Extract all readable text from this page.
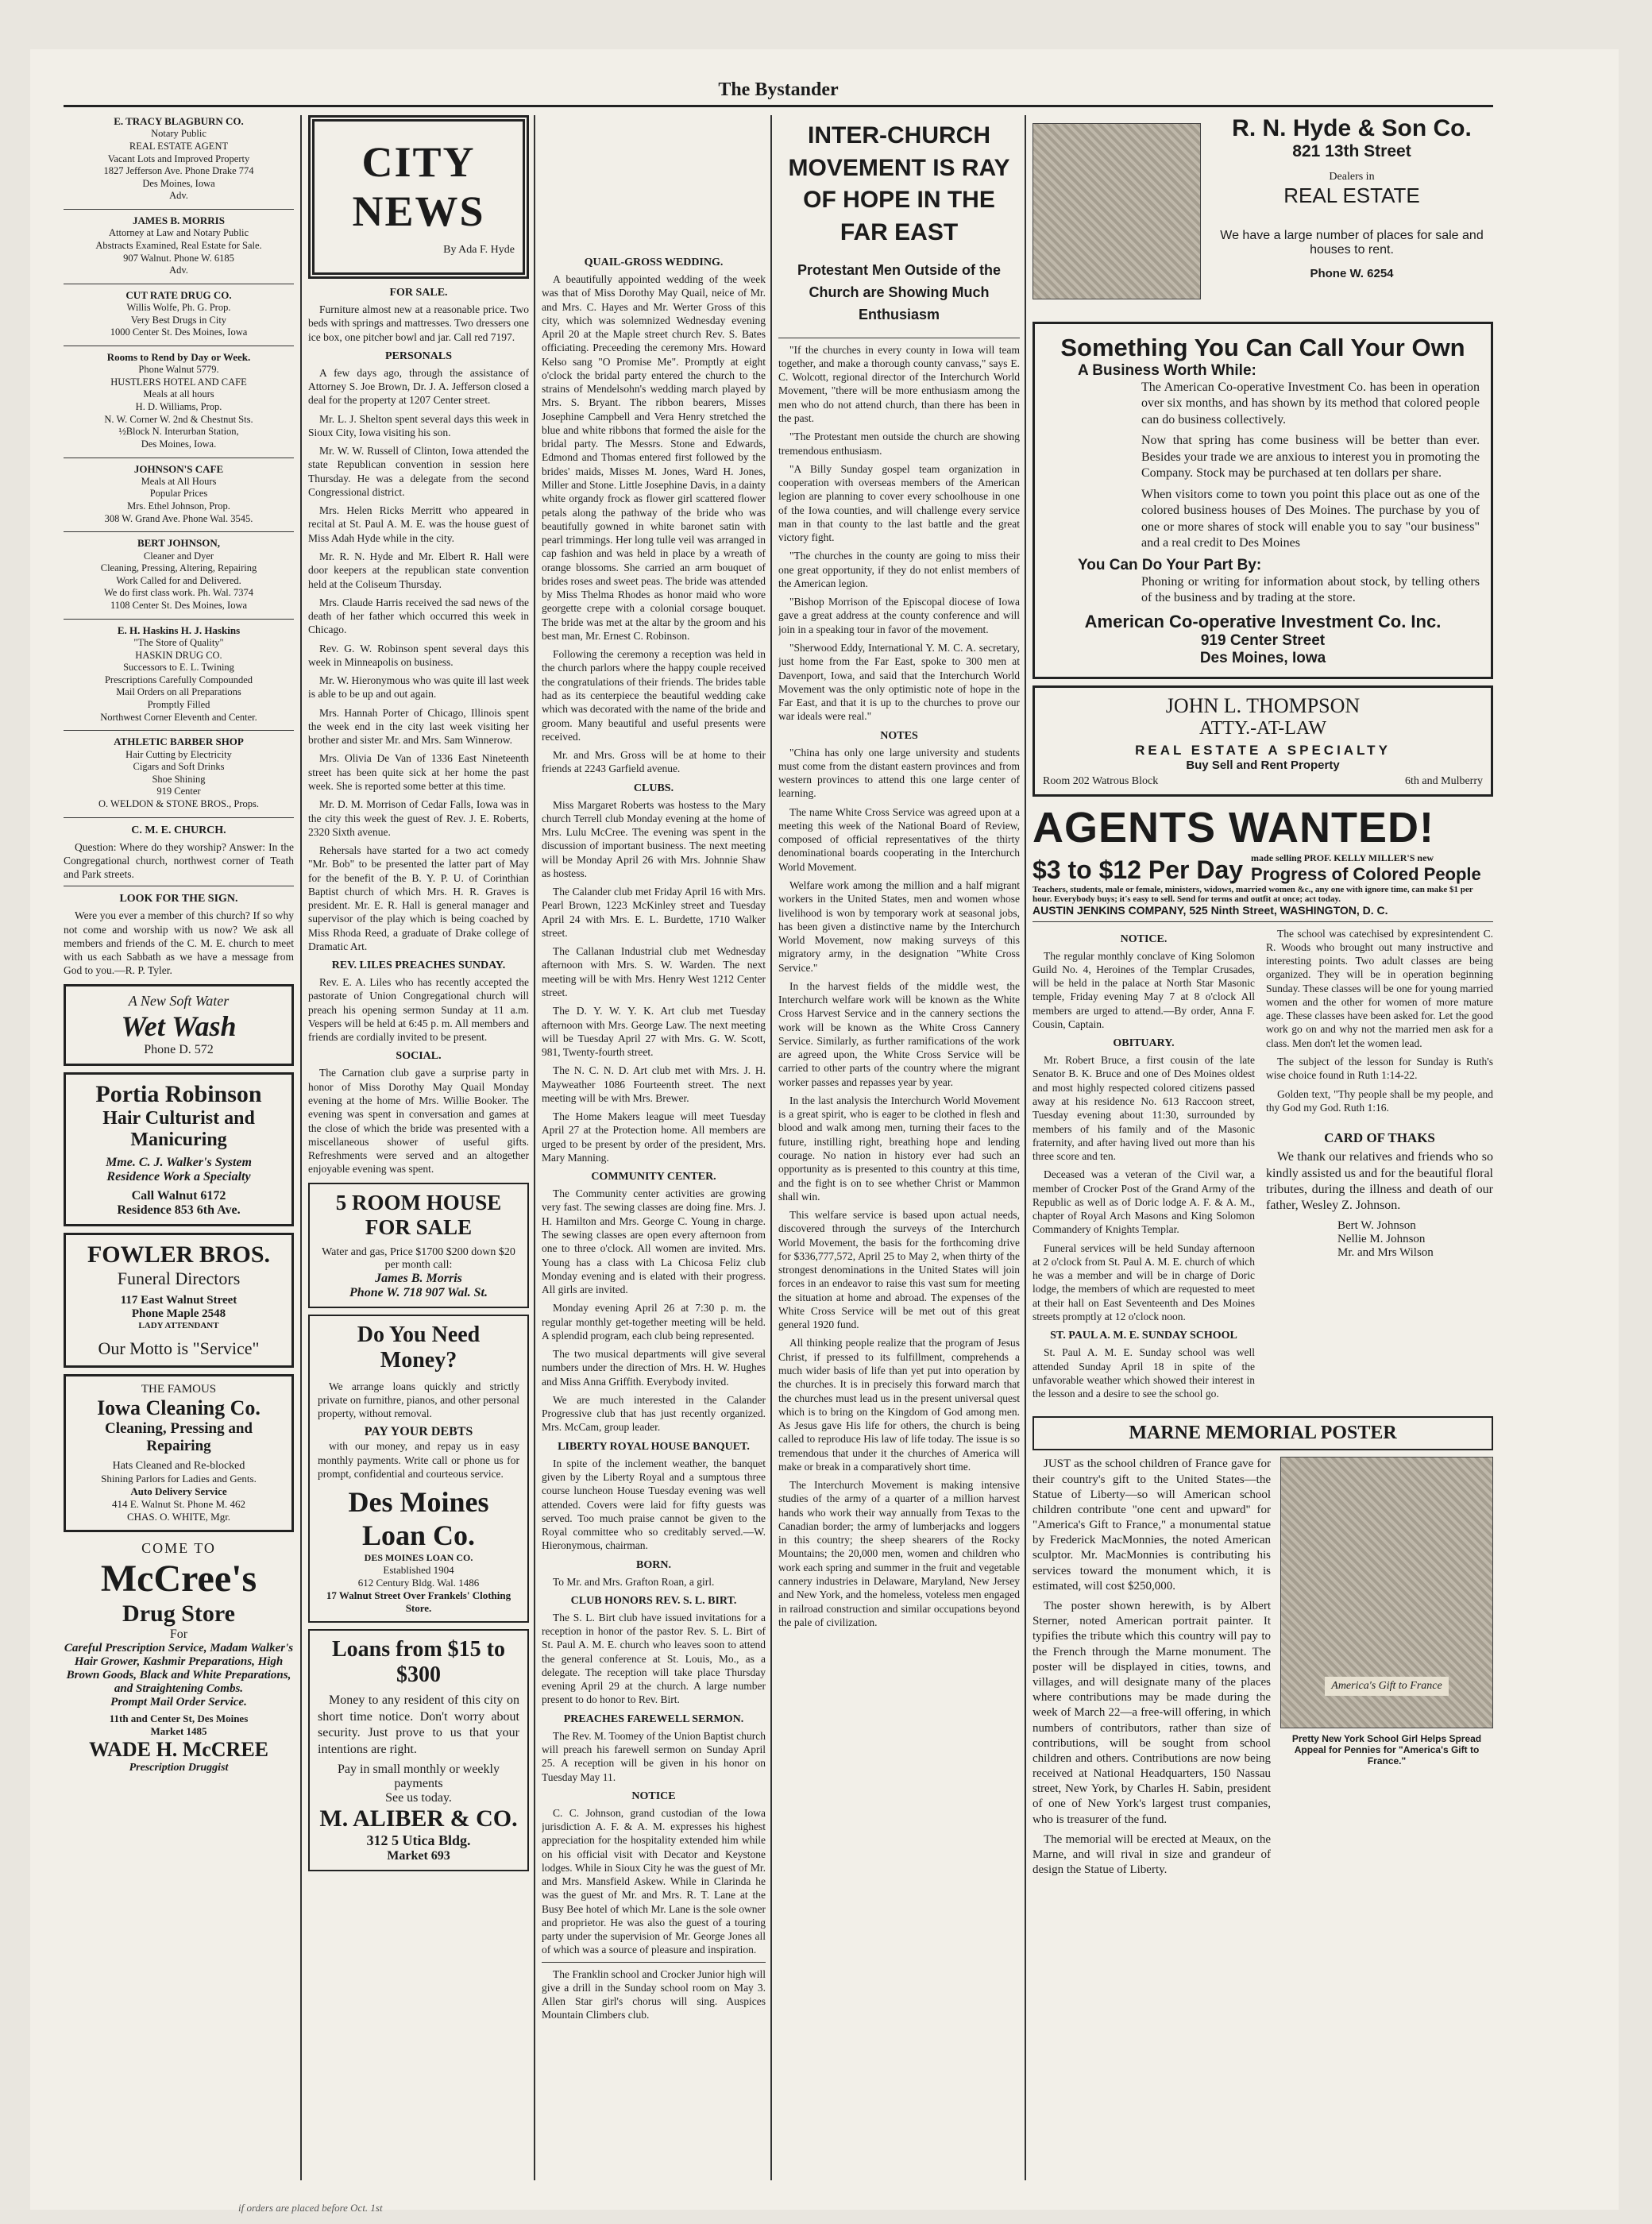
The Bystander
E. TRACY BLAGBURN CO.
Notary Public
REAL ESTATE AGENT
Vacant Lots and Improved Property
1827 Jefferson Ave. Phone Drake 774
Des Moines, Iowa
Adv.
JAMES B. MORRIS
Attorney at Law and Notary Public
Abstracts Examined, Real Estate for Sale.
907 Walnut. Phone W. 6185
Adv.
CUT RATE DRUG CO.
Willis Wolfe, Ph. G. Prop.
Very Best Drugs in City
1000 Center St. Des Moines, Iowa
Rooms to Rend by Day or Week.
Phone Walnut 5779.
HUSTLERS HOTEL AND CAFE
Meals at all hours
H. D. Williams, Prop.
N. W. Corner W. 2nd & Chestnut Sts.
½Block N. Interurban Station,
Des Moines, Iowa.
JOHNSON'S CAFE
Meals at All Hours
Popular Prices
Mrs. Ethel Johnson, Prop.
308 W. Grand Ave. Phone Wal. 3545.
BERT JOHNSON,
Cleaner and Dyer
Cleaning, Pressing, Altering, Repairing
Work Called for and Delivered.
We do first class work. Ph. Wal. 7374
1108 Center St. Des Moines, Iowa
E. H. Haskins H. J. Haskins
"The Store of Quality"
HASKIN DRUG CO.
Successors to E. L. Twining
Prescriptions Carefully Compounded
Mail Orders on all Preparations
Promptly Filled
Northwest Corner Eleventh and Center.
ATHLETIC BARBER SHOP
Hair Cutting by Electricity
Cigars and Soft Drinks
Shoe Shining
919 Center
O. WELDON & STONE BROS., Props.
C. M. E. CHURCH.
Question: Where do they worship? Answer: In the Congregational church, northwest corner of Teath and Park streets.
LOOK FOR THE SIGN.
Were you ever a member of this church? If so why not come and worship with us now? We ask all members and friends of the C. M. E. church to meet with us each Sabbath as we have a message from God to you.—R. P. Tyler.
A New Soft Water
Wet Wash
Phone D. 572
Portia Robinson
Hair Culturist and Manicuring
Mme. C. J. Walker's System
Residence Work a Specialty
Call Walnut 6172
Residence 853 6th Ave.
FOWLER BROS.
Funeral Directors
117 East Walnut Street
Phone Maple 2548
LADY ATTENDANT
Our Motto is "Service"
THE FAMOUS
Iowa Cleaning Co.
Cleaning, Pressing and Repairing
Hats Cleaned and Re-blocked
Shining Parlors for Ladies and Gents.
Auto Delivery Service
414 E. Walnut St. Phone M. 462
CHAS. O. WHITE, Mgr.
COME TO
McCree's
Drug Store
For
Careful Prescription Service, Madam Walker's Hair Grower, Kashmir Preparations, High Brown Goods, Black and White Preparations, and Straightening Combs.
Prompt Mail Order Service.
11th and Center St, Des Moines
Market 1485
WADE H. McCREE
Prescription Druggist
CITY NEWS
By Ada F. Hyde
FOR SALE.
Furniture almost new at a reasonable price. Two beds with springs and mattresses. Two dressers one ice box, one pitcher bowl and jar. Call red 7197.
PERSONALS
A few days ago, through the assistance of Attorney S. Joe Brown, Dr. J. A. Jefferson closed a deal for the property at 1207 Center street.
Mr. L. J. Shelton spent several days this week in Sioux City, Iowa visiting his son.
Mr. W. W. Russell of Clinton, Iowa attended the state Republican convention in session here Thursday. He was a delegate from the second Congressional district.
Mrs. Helen Ricks Merritt who appeared in recital at St. Paul A. M. E. was the house guest of Miss Adah Hyde while in the city.
Mr. R. N. Hyde and Mr. Elbert R. Hall were door keepers at the republican state convention held at the Coliseum Thursday.
Mrs. Claude Harris received the sad news of the death of her father which occurred this week in Chicago.
Rev. G. W. Robinson spent several days this week in Minneapolis on business.
Mr. W. Hieronymous who was quite ill last week is able to be up and out again.
Mrs. Hannah Porter of Chicago, Illinois spent the week end in the city last week visiting her brother and sister Mr. and Mrs. Sam Winnerow.
Mrs. Olivia De Van of 1336 East Nineteenth street has been quite sick at her home the past week. She is reported some better at this time.
Mr. D. M. Morrison of Cedar Falls, Iowa was in the city this week the guest of Rev. J. E. Roberts, 2320 Sixth avenue.
Rehersals have started for a two act comedy "Mr. Bob" to be presented the latter part of May for the benefit of the B. Y. P. U. of Corinthian Baptist church of which Mrs. H. R. Graves is president. Mr. E. R. Hall is general manager and supervisor of the play which is being coached by Miss Rhoda Reed, a graduate of Drake college of Dramatic Art.
REV. LILES PREACHES SUNDAY.
Rev. E. A. Liles who has recently accepted the pastorate of Union Congregational church will preach his opening sermon Sunday at 11 a.m. Vespers will be held at 6:45 p. m. All members and friends are cordially invited to be present.
SOCIAL.
The Carnation club gave a surprise party in honor of Miss Dorothy May Quail Monday evening at the home of Mrs. Willie Booker. The evening was spent in conversation and games at the close of which the bride was presented with a miscellaneous shower of useful gifts. Refreshments were served and an altogether enjoyable evening was spent.
5 ROOM HOUSE FOR SALE
Water and gas, Price $1700 $200 down $20 per month call:
James B. Morris
Phone W. 718 907 Wal. St.
Do You Need Money?
We arrange loans quickly and strictly private on furnithre, pianos, and other personal property, without removal.
PAY YOUR DEBTS
with our money, and repay us in easy monthly payments. Write call or phone us for prompt, confidential and courteous service.
Des Moines Loan Co.
DES MOINES LOAN CO.
Established 1904
612 Century Bldg. Wal. 1486
17 Walnut Street Over Frankels' Clothing Store.
Loans from $15 to $300
Money to any resident of this city on short time notice. Don't worry about security. Just prove to us that your intentions are right.
Pay in small monthly or weekly payments
See us today.
M. ALIBER & CO.
312 5 Utica Bldg.
Market 693
QUAIL-GROSS WEDDING.
A beautifully appointed wedding of the week was that of Miss Dorothy May Quail, neice of Mr. and Mrs. C. Hayes and Mr. Werter Gross of this city, which was solemnized Wednesday evening April 20 at the Maple street church Rev. S. Bates officiating. Preceeding the ceremony Mrs. Howard Kelso sang "O Promise Me". Promptly at eight o'clock the bridal party entered the church to the strains of Mendelsohn's wedding march played by Mrs. S. Bryant. The ribbon bearers, Misses Josephine Campbell and Vera Henry stretched the blue and white ribbons that formed the aisle for the bridal party. The Messrs. Stone and Edwards, Edmond and Thomas entered first followed by the brides' maids, Misses M. Jones, Ward H. Jones, Miller and Stone. Little Josephine Davis, in a dainty white organdy frock as flower girl scattered flower petals along the pathway of the bride who was beautifully gowned in white baronet satin with pearl trimmings. Her long tulle veil was arranged in cap fashion and was held in place by a wreath of orange blossoms. She carried an arm bouquet of brides roses and sweet peas. The bride was attended by Miss Thelma Rhodes as honor maid who wore georgette crepe with a colonial corsage bouquet. The bride was met at the altar by the groom and his best man, Mr. Ernest C. Robinson.
Following the ceremony a reception was held in the church parlors where the happy couple received the congratulations of their friends. The brides table had as its centerpiece the beautiful wedding cake which was decorated with the name of the bride and groom. Many beautiful and useful presents were received.
Mr. and Mrs. Gross will be at home to their friends at 2243 Garfield avenue.
CLUBS.
Miss Margaret Roberts was hostess to the Mary church Terrell club Monday evening at the home of Mrs. Lulu McCree. The evening was spent in the discussion of important business. The next meeting will be Monday April 26 with Mrs. Johnnie Shaw as hostess.
The Calander club met Friday April 16 with Mrs. Pearl Brown, 1223 McKinley street and Tuesday April 24 with Mrs. E. L. Burdette, 1710 Walker street.
The Callanan Industrial club met Wednesday afternoon with Mrs. S. W. Warden. The next meeting will be with Mrs. Henry West 1212 Center street.
The D. Y. W. Y. K. Art club met Tuesday afternoon with Mrs. George Law. The next meeting will be Tuesday April 27 with Mrs. G. W. Scott, 981, Twenty-fourth street.
The N. C. N. D. Art club met with Mrs. J. H. Mayweather 1086 Fourteenth street. The next meeting will be with Mrs. Brewer.
The Home Makers league will meet Tuesday April 27 at the Protection home. All members are urged to be present by order of the president, Mrs. Mary Manning.
COMMUNITY CENTER.
The Community center activities are growing very fast. The sewing classes are doing fine. Mrs. J. H. Hamilton and Mrs. George C. Young in charge. The sewing classes are open every afternoon from one to three o'clock. All women are invited. Mrs. Young has a class with La Chicosa Feliz club Monday evening and is elated with their progress. All girls are invited.
Monday evening April 26 at 7:30 p. m. the regular monthly get-together meeting will be held. A splendid program, each club being represented.
The two musical departments will give several numbers under the direction of Mrs. H. W. Hughes and Miss Anna Griffith. Everybody invited.
We are much interested in the Calander Progressive club that has just recently organized. Mrs. McCam, group leader.
LIBERTY ROYAL HOUSE BANQUET.
In spite of the inclement weather, the banquet given by the Liberty Royal and a sumptous three course luncheon House Tuesday evening was well attended. Covers were laid for fifty guests was served. Too much praise cannot be given to the Royal committee who so creditably served.—W. Hieronymous, chairman.
BORN.
To Mr. and Mrs. Grafton Roan, a girl.
CLUB HONORS REV. S. L. BIRT.
The S. L. Birt club have issued invitations for a reception in honor of the pastor Rev. S. L. Birt of St. Paul A. M. E. church who leaves soon to attend the general conference at St. Louis, Mo., as a delegate. The reception will take place Thursday evening April 29 at the church. A large number present to do honor to Rev. Birt.
PREACHES FAREWELL SERMON.
The Rev. M. Toomey of the Union Baptist church will preach his farewell sermon on Sunday April 25. A reception will be given in his honor on Tuesday May 11.
NOTICE
C. C. Johnson, grand custodian of the Iowa jurisdiction A. F. & A. M. expresses his highest appreciation for the hospitality extended him while on his official visit with Decator and Keystone lodges. While in Sioux City he was the guest of Mr. and Mrs. Mansfield Askew. While in Clarinda he was the guest of Mr. and Mrs. R. T. Lane at the Busy Bee hotel of which Mr. Lane is the sole owner and proprietor. He was also the guest of a touring party under the supervision of Mr. George Jones all of which was a source of pleasure and inspiration.
The Franklin school and Crocker Junior high will give a drill in the Sunday school room on May 3. Allen Star girl's chorus will sing. Auspices Mountain Climbers club.
INTER-CHURCH MOVEMENT IS RAY OF HOPE IN THE FAR EAST
Protestant Men Outside of the Church are Showing Much Enthusiasm
"If the churches in every county in Iowa will team together, and make a thorough county canvass," says E. C. Wolcott, regional director of the Interchurch World Movement, "there will be more enthusiasm among the men who do not attend church, than there has been in the past.
"The Protestant men outside the church are showing tremendous enthusiasm.
"A Billy Sunday gospel team organization in cooperation with overseas members of the American legion are planning to cover every schoolhouse in one of the Iowa counties, and will challenge every service man in that county to the last battle and the great victory fight.
"The churches in the county are going to miss their one great opportunity, if they do not enlist members of the American legion.
"Bishop Morrison of the Episcopal diocese of Iowa gave a great address at the county conference and will join in a speaking tour in favor of the movement.
"Sherwood Eddy, International Y. M. C. A. secretary, just home from the Far East, spoke to 300 men at Davenport, Iowa, and said that the Interchurch World Movement was the only optimistic note of hope in the Far East, and that it is up to the churches to prove our war ideals were real."
NOTES
"China has only one large university and students must come from the distant eastern provinces and from western provinces to attend this one large center of learning.
The name White Cross Service was agreed upon at a meeting this week of the National Board of Review, composed of official representatives of the thirty denominational boards cooperating in the Interchurch World Movement.
Welfare work among the million and a half migrant workers in the United States, men and women whose livelihood is won by temporary work at seasonal jobs, has been given a distinctive name by the Interchurch World Movement, now making surveys of this migratory army, in the designation "White Cross Service."
In the harvest fields of the middle west, the Interchurch welfare work will be known as the White Cross Harvest Service and in the cannery sections the work will be known as the White Cross Cannery Service. Similarly, as further ramifications of the work are agreed upon, the White Cross Service will be carried to other parts of the country where the migrant worker passes and repasses year by year.
In the last analysis the Interchurch World Movement is a great spirit, who is eager to be clothed in flesh and blood and walk among men, turning their faces to the future, instilling right, breathing hope and lending courage. No nation in history ever had such an opportunity as is presented to this country at this time, and the fight is on to see whether Christ or Mammon shall win.
This welfare service is based upon actual needs, discovered through the surveys of the Interchurch World Movement, the basis for the forthcoming drive for $336,777,572, April 25 to May 2, when thirty of the strongest denominations in the United States will join forces in an endeavor to raise this vast sum for meeting the situation at home and abroad. The expenses of the White Cross Service will be met out of this great general 1920 fund.
All thinking people realize that the program of Jesus Christ, if pressed to its fulfillment, comprehends a much wider basis of life than yet put into operation by the churches. It is in precisely this forward march that the churches must lead us in the present universal quest which is to bring on the Kingdom of God among men. As Jesus gave His life for others, the church is being called to reproduce His law of life today. The issue is so tremendous that under it the churches of America will make or break in a comparatively short time.
The Interchurch Movement is making intensive studies of the army of a quarter of a million harvest hands who work their way annually from Texas to the Canadian border; the army of lumberjacks and loggers in this country; the sheep shearers of the Rocky Mountains; the 20,000 men, women and children who work each spring and summer in the fruit and vegetable cannery industries in Delaware, Maryland, New Jersey and New York, and the homeless, voteless men engaged in railroad construction and similar occupations beyond the pale of civilization.
R. N. Hyde & Son Co.
821 13th Street
Dealers in
REAL ESTATE
We have a large number of places for sale and houses to rent.
Phone W. 6254
Something You Can Call Your Own
A Business Worth While:
The American Co-operative Investment Co. has been in operation over six months, and has shown by its method that colored people can do business collectively.
Now that spring has come business will be better than ever. Besides your trade we are anxious to interest you in promoting the Company. Stock may be purchased at ten dollars per share.
When visitors come to town you point this place out as one of the colored business houses of Des Moines. The purchase by you of one or more shares of stock will enable you to say "our business" and a real credit to Des Moines
You Can Do Your Part By:
Phoning or writing for information about stock, by telling others of the business and by trading at the store.
American Co-operative Investment Co. Inc.
919 Center Street
Des Moines, Iowa
JOHN L. THOMPSON
ATTY.-AT-LAW
REAL ESTATE A SPECIALTY
Buy Sell and Rent Property
Room 202 Watrous Block	6th and Mulberry
AGENTS WANTED!
$3 to $12 Per Day made selling PROF. KELLY MILLER'S new
Progress of Colored People
Teachers, students, male or female, ministers, widows, married women &c., any one with ignore time, can make $1 per hour. Everybody buys; it's easy to sell. Send for terms and outfit at once; act today.
AUSTIN JENKINS COMPANY, 525 Ninth Street, WASHINGTON, D. C.
NOTICE.
The regular monthly conclave of King Solomon Guild No. 4, Heroines of the Templar Crusades, will be held in the palace at North Star Masonic temple, Friday evening May 7 at 8 o'clock All members are urged to attend.—By order, Anna F. Cousin, Captain.
OBITUARY.
Mr. Robert Bruce, a first cousin of the late Senator B. K. Bruce and one of Des Moines oldest and most highly respected colored citizens passed away at his residence No. 613 Raccoon street, Tuesday evening about 11:30, surrounded by members of his family and of the Masonic fraternity, and after having lived out more than his three score and ten.
Deceased was a veteran of the Civil war, a member of Crocker Post of the Grand Army of the Republic as well as of Doric lodge A. F. & A. M., chapter of Royal Arch Masons and King Solomon Commandery of Knights Templar.
Funeral services will be held Sunday afternoon at 2 o'clock from St. Paul A. M. E. church of which he was a member and will be in charge of Doric lodge, the members of which are requested to meet at their hall on East Seventeenth and Des Moines streets promptly at 12 o'clock noon.
ST. PAUL A. M. E. SUNDAY SCHOOL
St. Paul A. M. E. Sunday school was well attended Sunday April 18 in spite of the unfavorable weather which showed their interest in the lesson and a desire to see the school go.
The school was catechised by expresintendent C. R. Woods who brought out many instructive and interesting points. Two adult classes are being organized. They will be in operation beginning Sunday. These classes will be one for young married women and the other for women of more mature age. These classes have been asked for. Let the good work go on and why not the married men ask for a class. Men don't let the women lead.
The subject of the lesson for Sunday is Ruth's wise choice found in Ruth 1:14-22.
Golden text, "Thy people shall be my people, and thy God my God. Ruth 1:16.
CARD OF THAKS
We thank our relatives and friends who so kindly assisted us and for the beautiful floral tributes, during the illness and death of our father, Wesley Z. Johnson.
Bert W. Johnson
Nellie M. Johnson
Mr. and Mrs Wilson
MARNE MEMORIAL POSTER
JUST as the school children of France gave for their country's gift to the United States—the Statue of Liberty—so will American school children contribute "one cent and upward" for "America's Gift to France," a monumental statue by Frederick MacMonnies, the noted American sculptor. Mr. MacMonnies is contributing his services toward the monument which, it is estimated, will cost $250,000.
The poster shown herewith, is by Albert Sterner, noted American portrait painter. It typifies the tribute which this country will pay to the French through the Marne monument. The poster will be displayed in cities, towns, and villages, and will designate many of the places where contributions may be made during the week of March 22—a free-will offering, in which numbers of contributors, rather than size of contributions, will be sought from school children and others. Contributions are now being received at National Headquarters, 150 Nassau street, New York, by Charles H. Sabin, president of one of New York's largest trust companies, who is treasurer of the fund.
The memorial will be erected at Meaux, on the Marne, and will rival in size and grandeur of design the Statue of Liberty.
America's Gift to France
Pretty New York School Girl Helps Spread Appeal for Pennies for "America's Gift to France."
if orders are placed before Oct. 1st
